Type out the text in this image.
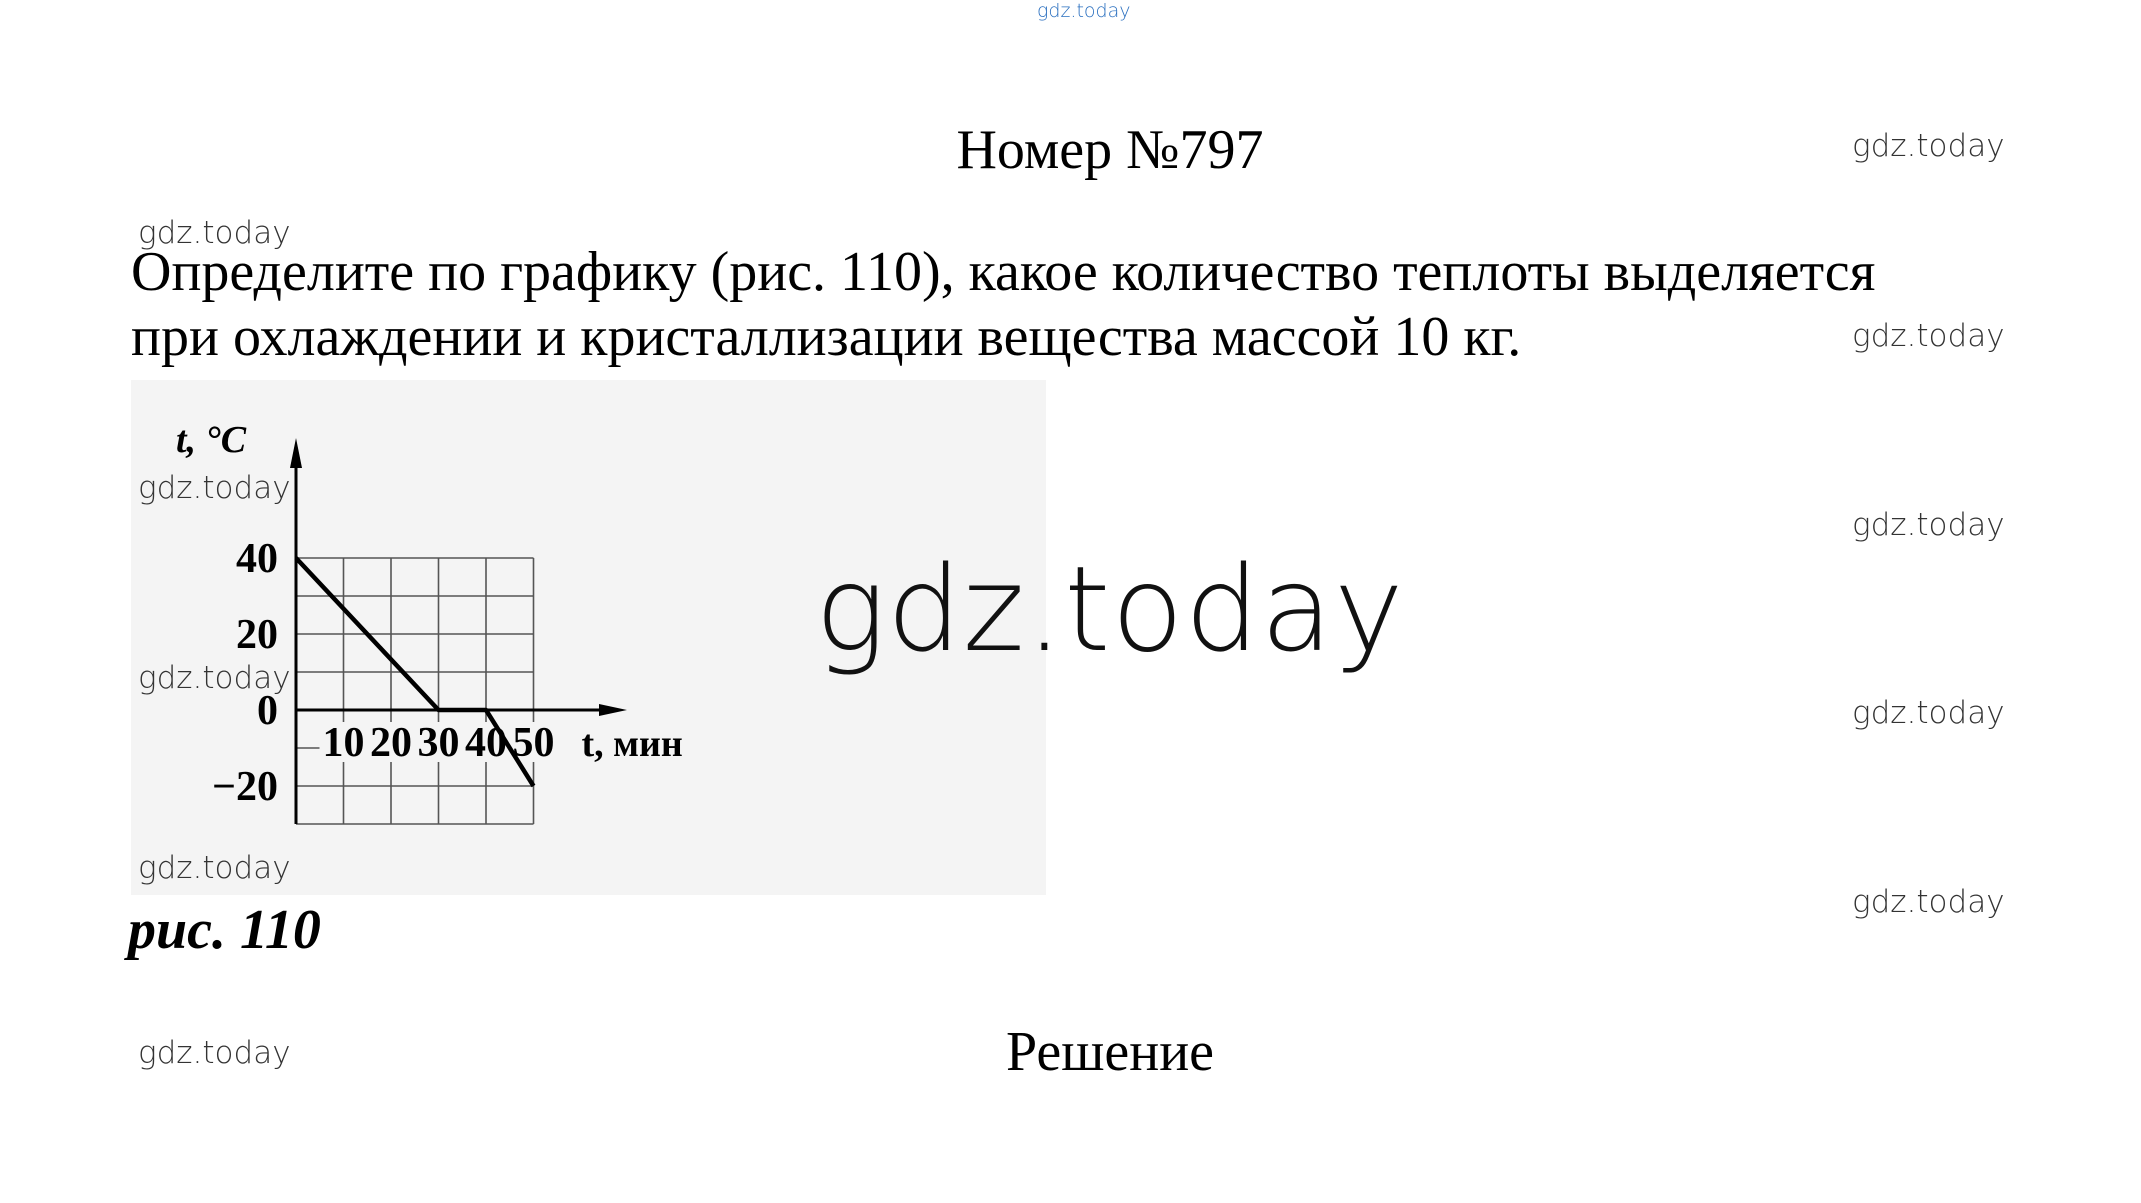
gdz.today
gdz.today
gdz.today
gdz.today
gdz.today
gdz.today
gdz.today
gdz.today
Номер №797
Определите по графику (рис. 110), какое количество теплоты выделяется
при охлаждении и кристаллизации вещества массой 10 кг.
t, °C
40
20
0
−20
10 20 30 40 50 t, мин
gdz.today
gdz.today
gdz.today
gdz.today
рис. 110
Решение
